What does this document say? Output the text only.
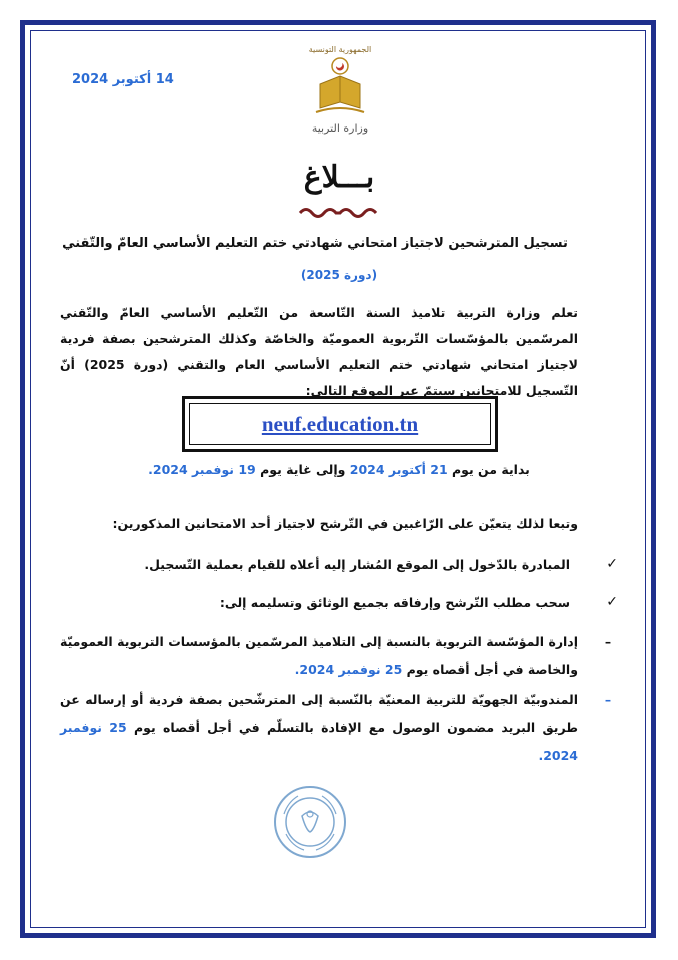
14 أكتوبر 2024
الجمهورية التونسية
وزارة التربية
بـــلاغ
تسجيل المترشحين لاجتياز امتحاني شهادتي ختم التعليم الأساسي العامّ والتّقني
(دورة 2025)
تعلم وزارة التربية تلاميذ السنة التّاسعة من التّعليم الأساسي العامّ والتّقني المرسّمين بالمؤسّسات التّربوية العموميّة والخاصّة وكذلك المترشحين بصفة فردية لاجتياز امتحاني شهادتي ختم التعليم الأساسي العام والتقني (دورة 2025) أنّ التّسجيل للامتحانين سيتمّ عبر الموقع التالي:
neuf.education.tn
بداية من يوم 21 أكتوبر 2024 وإلى غاية يوم 19 نوفمبر 2024.
وتبعا لذلك يتعيّن على الرّاغبين في التّرشح لاجتياز أحد الامتحانين المذكورين:
✓
المبادرة بالدّخول إلى الموقع المُشار إليه أعلاه للقيام بعملية التّسجيل.
✓
سحب مطلب التّرشح وإرفاقه بجميع الوثائق وتسليمه إلى:
–
إدارة المؤسّسة التربوية بالنسبة إلى التلاميذ المرسّمين بالمؤسسات التربوية العموميّة والخاصة في أجل أقصاه يوم 25 نوفمبر 2024.
–
المندوبيّة الجهويّة للتربية المعنيّة بالنّسبة إلى المترشّحين بصفة فردية أو إرساله عن طريق البريد مضمون الوصول مع الإفادة بالتسلّم في أجل أقصاه يوم 25 نوفمبر 2024.
